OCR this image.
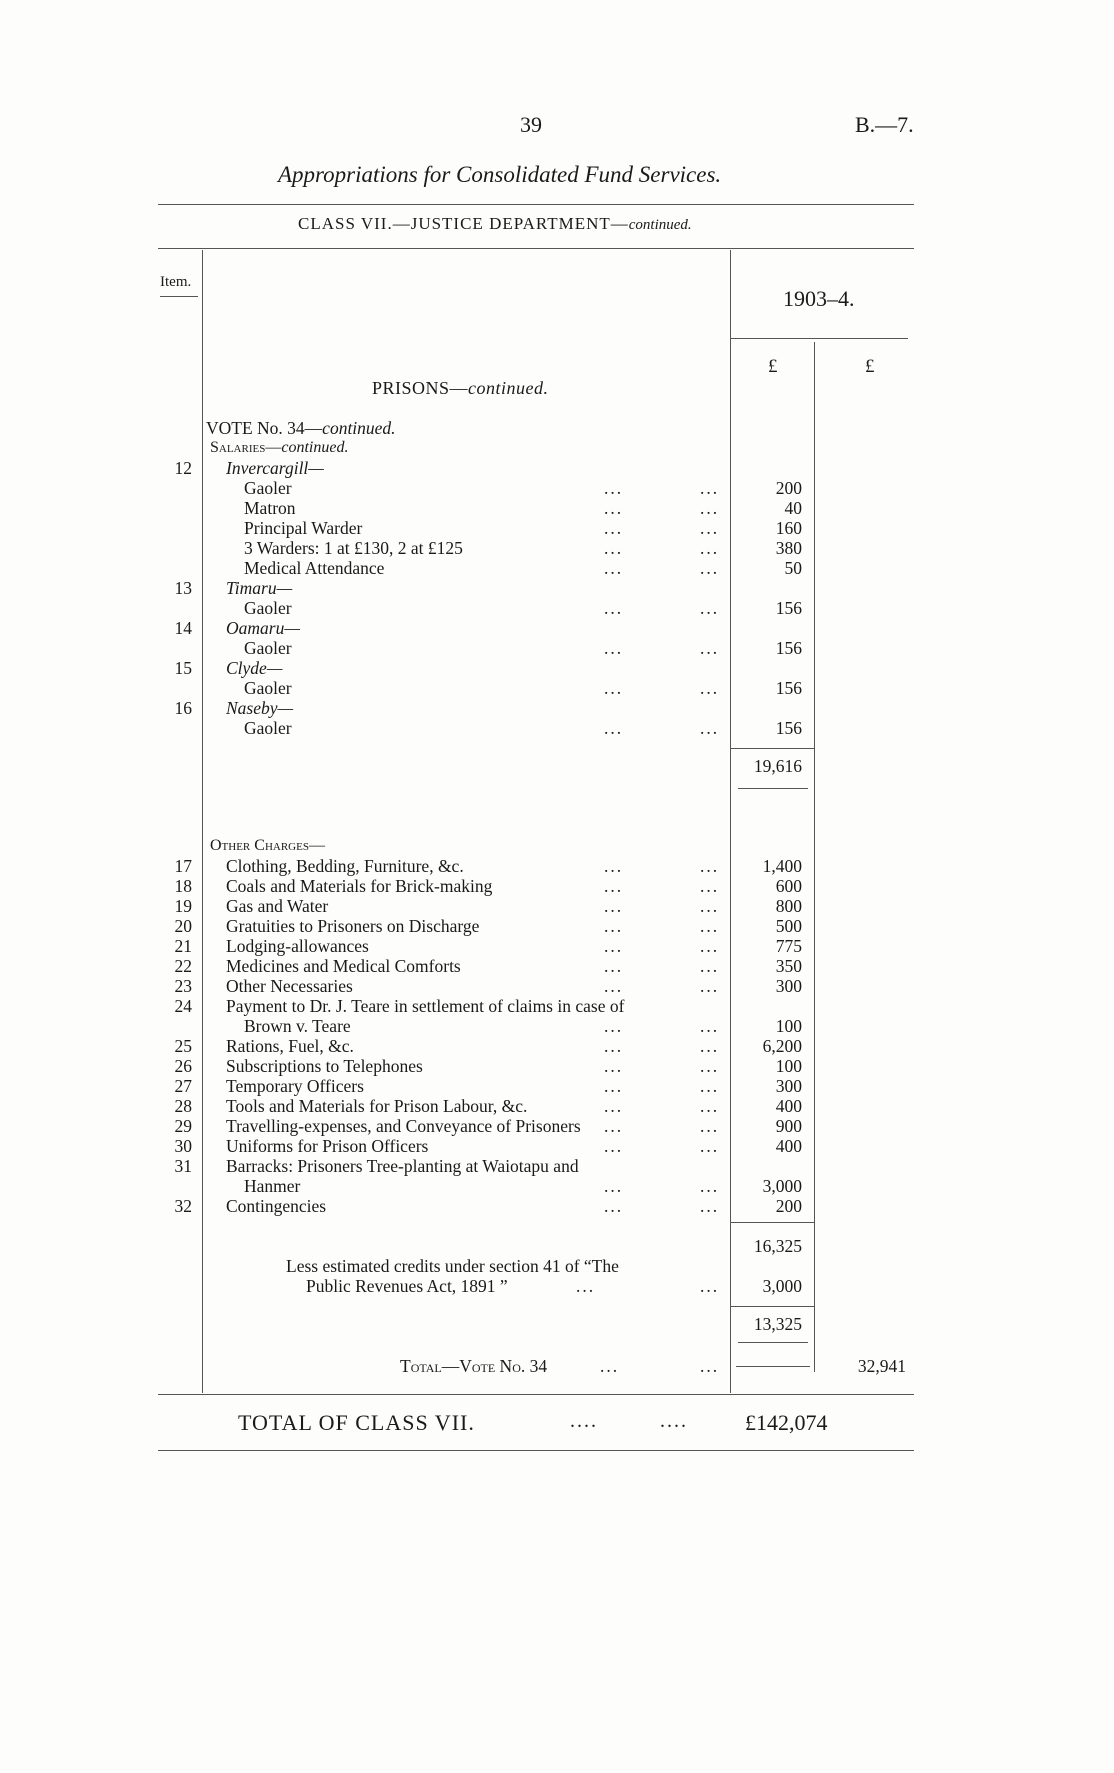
39	B.—7.
Appropriations for Consolidated Fund Services.
CLASS VII.—JUSTICE DEPARTMENT—continued.
Item.
1903–4.
£	£
PRISONS—continued.
VOTE No. 34—continued.
Salaries—continued.
12 Invercargill—
Gaoler	...	...	200
Matron	...	...	40
Principal Warder	...	...	160
3 Warders: 1 at £130, 2 at £125	...	...	380
Medical Attendance	...	...	50
13 Timaru—
Gaoler	...	...	156
14 Oamaru—
Gaoler	...	...	156
15 Clyde—
Gaoler	...	...	156
16 Naseby—
Gaoler	...	...	156
19,616
Other Charges—
17 Clothing, Bedding, Furniture, &c.	...	...	1,400
18 Coals and Materials for Brick-making	...	...	600
19 Gas and Water	...	...	800
20 Gratuities to Prisoners on Discharge	...	...	500
21 Lodging-allowances	...	...	775
22 Medicines and Medical Comforts	...	...	350
23 Other Necessaries	...	...	300
24 Payment to Dr. J. Teare in settlement of claims in case of
Brown v. Teare	...	...	100
25 Rations, Fuel, &c.	...	...	6,200
26 Subscriptions to Telephones	...	...	100
27 Temporary Officers	...	...	300
28 Tools and Materials for Prison Labour, &c.	...	...	400
29 Travelling-expenses, and Conveyance of Prisoners ...	...	900
30 Uniforms for Prison Officers	...	...	400
31 Barracks: Prisoners Tree-planting at Waiotapu and
Hanmer	...	...	3,000
32 Contingencies	...	...	200
16,325
Less estimated credits under section 41 of “The
Public Revenues Act, 1891 ”	...	...	3,000
13,325
Total—Vote No. 34	...	...	32,941
TOTAL OF CLASS VII.	....	....	£142,074
